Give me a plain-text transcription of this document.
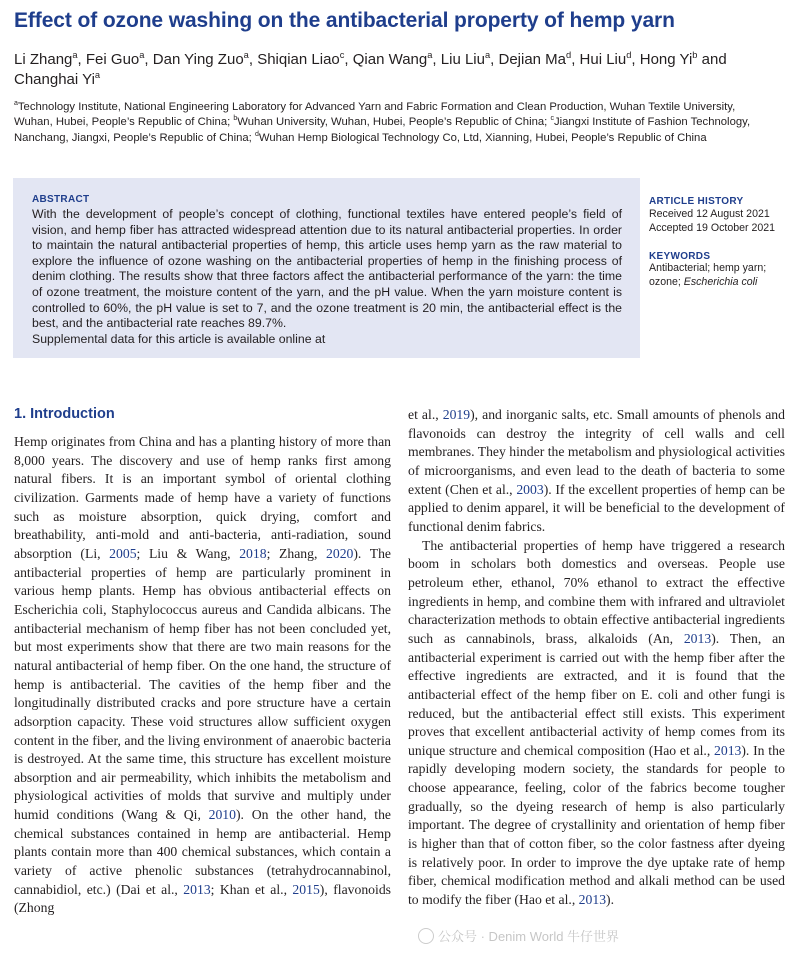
Effect of ozone washing on the antibacterial property of hemp yarn
Li Zhang$^a$, Fei Guo$^a$, Dan Ying Zuo$^a$, Shiqian Liao$^c$, Qian Wang$^a$, Liu Liu$^a$, Dejian Ma$^d$, Hui Liu$^d$, Hong Yi$^b$ and Changhai Yi$^a$
$^a$Technology Institute, National Engineering Laboratory for Advanced Yarn and Fabric Formation and Clean Production, Wuhan Textile University, Wuhan, Hubei, People’s Republic of China; $^b$Wuhan University, Wuhan, Hubei, People’s Republic of China; $^c$Jiangxi Institute of Fashion Technology, Nanchang, Jiangxi, People’s Republic of China; $^d$Wuhan Hemp Biological Technology Co, Ltd, Xianning, Hubei, People’s Republic of China
ABSTRACT
With the development of people’s concept of clothing, functional textiles have entered people’s field of vision, and hemp fiber has attracted widespread attention due to its natural antibacterial properties. In order to maintain the natural antibacterial properties of hemp, this article uses hemp yarn as the raw material to explore the influence of ozone washing on the antibacterial properties of hemp in the finishing process of denim clothing. The results show that three factors affect the antibacterial performance of the yarn: the time of ozone treatment, the moisture content of the yarn, and the pH value. When the yarn moisture content is controlled to 60%, the pH value is set to 7, and the ozone treatment is 20 min, the antibacterial effect is the best, and the antibacterial rate reaches 89.7%.
Supplemental data for this article is available online at
ARTICLE HISTORY
Received 12 August 2021
Accepted 19 October 2021
KEYWORDS
Antibacterial; hemp yarn; ozone; Escherichia coli
1. Introduction

Hemp originates from China and has a planting history of more than 8,000 years. The discovery and use of hemp ranks first among natural fibers. It is an important symbol of oriental clothing civilization. Garments made of hemp have a variety of functions such as moisture absorption, quick drying, comfort and breathability, anti-mold and anti-bacteria, anti-radiation, sound absorption (Li, 2005; Liu & Wang, 2018; Zhang, 2020). The antibacterial properties of hemp are particularly prominent in various hemp plants. Hemp has obvious antibacterial effects on Escherichia coli, Staphylococcus aureus and Candida albicans. The antibacterial mechanism of hemp fiber has not been concluded yet, but most experiments show that there are two main reasons for the natural antibacterial of hemp fiber. On the one hand, the structure of hemp is antibacterial. The cavities of the hemp fiber and the longitudinally distributed cracks and pore structure have a certain adsorption capacity. These void structures allow sufficient oxygen content in the fiber, and the living environment of anaerobic bacteria is destroyed. At the same time, this structure has excellent moisture absorption and air permeability, which inhibits the metabolism and physiological activities of molds that survive and multiply under humid conditions (Wang & Qi, 2010). On the other hand, the chemical substances contained in hemp are antibacterial. Hemp plants contain more than 400 chemical substances, which contain a variety of active phenolic substances (tetrahydrocannabinol, cannabidiol, etc.) (Dai et al., 2013; Khan et al., 2015), flavonoids (Zhong

et al., 2019), and inorganic salts, etc. Small amounts of phenols and flavonoids can destroy the integrity of cell walls and cell membranes. They hinder the metabolism and physiological activities of microorganisms, and even lead to the death of bacteria to some extent (Chen et al., 2003). If the excellent properties of hemp can be applied to denim apparel, it will be beneficial to the development of functional denim fabrics.

The antibacterial properties of hemp have triggered a research boom in scholars both domestics and overseas. People use petroleum ether, ethanol, 70% ethanol to extract the effective ingredients in hemp, and combine them with infrared and ultraviolet characterization methods to obtain effective antibacterial ingredients such as cannabinols, brass, alkaloids (An, 2013). Then, an antibacterial experiment is carried out with the hemp fiber after the effective ingredients are extracted, and it is found that the antibacterial effect of the hemp fiber on E. coli and other fungi is reduced, but the antibacterial effect still exists. This experiment proves that excellent antibacterial activity of hemp comes from its unique structure and chemical composition (Hao et al., 2013). In the rapidly developing modern society, the standards for people to choose appearance, feeling, color of the fabrics become tougher gradually, so the dyeing research of hemp is also particularly important. The degree of crystallinity and orientation of hemp fiber is higher than that of cotton fiber, so the color fastness after dyeing is relatively poor. In order to improve the dye uptake rate of hemp fiber, chemical modification method and alkali method can be used to modify the fiber (Hao et al., 2013).

公众号 · Denim World 牛仔世界
